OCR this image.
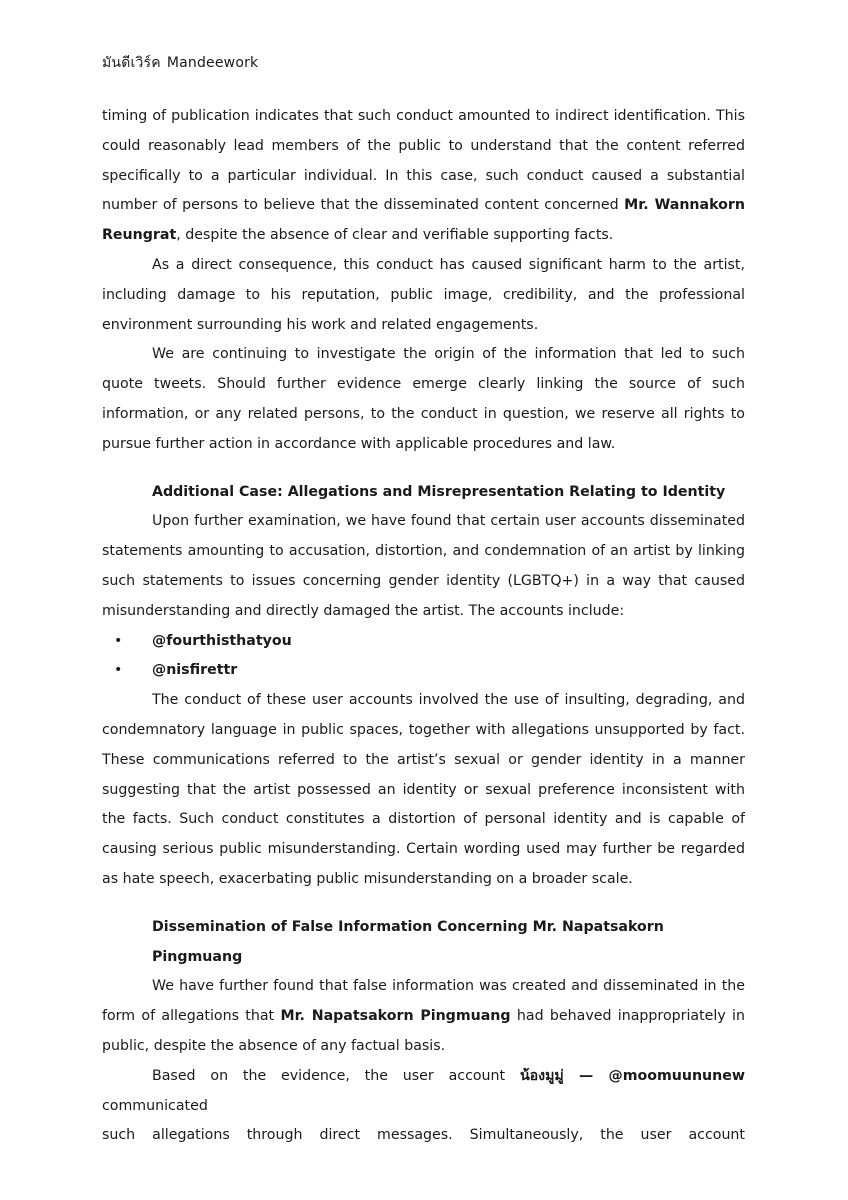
มันดีเวิร์ค Mandeework

timing of publication indicates that such conduct amounted to indirect identification. This could reasonably lead members of the public to understand that the content referred specifically to a particular individual. In this case, such conduct caused a substantial number of persons to believe that the disseminated content concerned Mr. Wannakorn Reungrat, despite the absence of clear and verifiable supporting facts.

As a direct consequence, this conduct has caused significant harm to the artist, including damage to his reputation, public image, credibility, and the professional environment surrounding his work and related engagements.

We are continuing to investigate the origin of the information that led to such quote tweets. Should further evidence emerge clearly linking the source of such information, or any related persons, to the conduct in question, we reserve all rights to pursue further action in accordance with applicable procedures and law.

Additional Case: Allegations and Misrepresentation Relating to Identity

Upon further examination, we have found that certain user accounts disseminated statements amounting to accusation, distortion, and condemnation of an artist by linking such statements to issues concerning gender identity (LGBTQ+) in a way that caused misunderstanding and directly damaged the artist. The accounts include:

• @fourthisthatyou
• @nisfirettr

The conduct of these user accounts involved the use of insulting, degrading, and condemnatory language in public spaces, together with allegations unsupported by fact. These communications referred to the artist’s sexual or gender identity in a manner suggesting that the artist possessed an identity or sexual preference inconsistent with the facts. Such conduct constitutes a distortion of personal identity and is capable of causing serious public misunderstanding. Certain wording used may further be regarded as hate speech, exacerbating public misunderstanding on a broader scale.

Dissemination of False Information Concerning Mr. Napatsakorn Pingmuang

We have further found that false information was created and disseminated in the form of allegations that Mr. Napatsakorn Pingmuang had behaved inappropriately in public, despite the absence of any factual basis.

Based on the evidence, the user account น้องมูมู่ — @moomuununew communicated

such allegations through direct messages. Simultaneously, the user account
